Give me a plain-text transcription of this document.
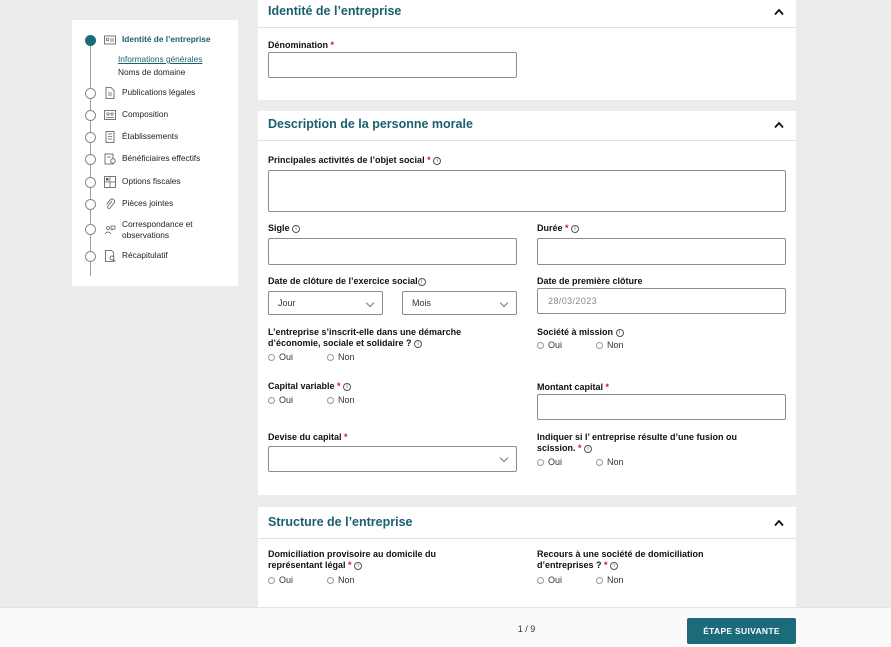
Identité de l’entreprise
Informations générales
Noms de domaine
Publications légales
Composition
Établissements
Bénéficiaires effectifs
Options fiscales
Pièces jointes
Correspondance et observations
Récapitulatif
Identité de l’entreprise
Dénomination *
Description de la personne morale
Principales activités de l’objet social * i
Sigle i	Durée * i
Date de clôture de l’exercice social i
Jour	Mois
Date de première clôture
28/03/2023
L’entreprise s’inscrit-elle dans une démarche
d’économie, sociale et solidaire ? i
Oui	Non
Société à mission i
Oui	Non
Capital variable * i
Oui	Non
Montant capital *
Devise du capital *	Indiquer si l’ entreprise résulte d’une fusion ou
scission. * i
Oui	Non
Structure de l’entreprise
Domiciliation provisoire au domicile du
représentant légal * i
Oui	Non
Recours à une société de domiciliation
d’entreprises ? * i
Oui	Non
1 / 9	ÉTAPE SUIVANTE
